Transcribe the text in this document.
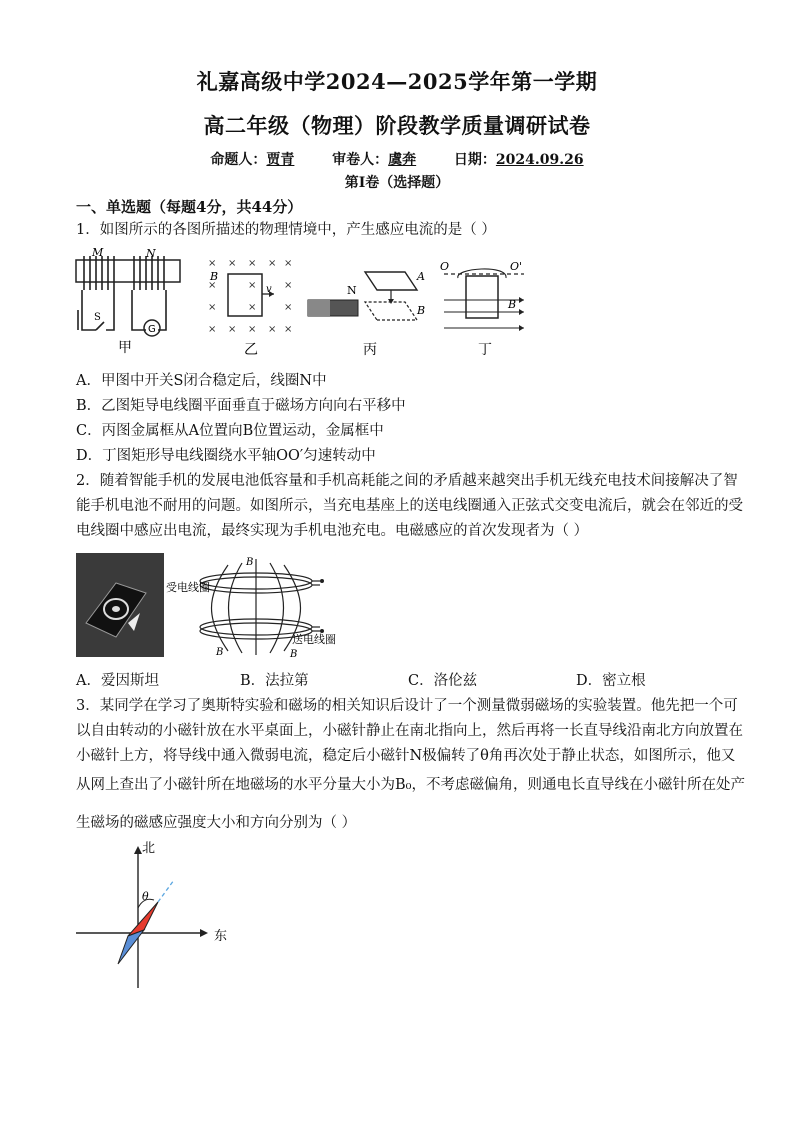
礼嘉高级中学2024—2025学年第一学期
高二年级（物理）阶段教学质量调研试卷
命题人：贾青	审卷人：虞奔	日期：2024.09.26
第I卷（选择题）
一、单选题（每题4分，共44分）
1．如图所示的各图所描述的物理情境中，产生感应电流的是（ ）
G
M	N
S
甲
× × × × ×
×	×	×
×	×	×
× × × × ×
B
v
乙
N
A
B
丙
O	O'
B
丁
A．甲图中开关S闭合稳定后，线圈N中
B．乙图矩导电线圈平面垂直于磁场方向向右平移中
C．丙图金属框从A位置向B位置运动，金属框中
D．丁图矩形导电线圈绕水平轴OO′匀速转动中
2．随着智能手机的发展电池低容量和手机高耗能之间的矛盾越来越突出手机无线充电技术间接解决了智
能手机电池不耐用的问题。如图所示，当充电基座上的送电线圈通入正弦式交变电流后，就会在邻近的受
电线圈中感应出电流，最终实现为手机电池充电。电磁感应的首次发现者为（ ）
受电线圈
送电线圈
B
B	B
A．爱因斯坦	B．法拉第	C．洛伦兹	D．密立根
3．某同学在学习了奥斯特实验和磁场的相关知识后设计了一个测量微弱磁场的实验装置。他先把一个可
以自由转动的小磁针放在水平桌面上，小磁针静止在南北指向上，然后再将一长直导线沿南北方向放置在
小磁针上方，将导线中通入微弱电流，稳定后小磁针N极偏转了θ角再次处于静止状态，如图所示，他又
从网上查出了小磁针所在地磁场的水平分量大小为B₀，不考虑磁偏角，则通电长直导线在小磁针所在处产
生磁场的磁感应强度大小和方向分别为（ ）
北
东
θ
